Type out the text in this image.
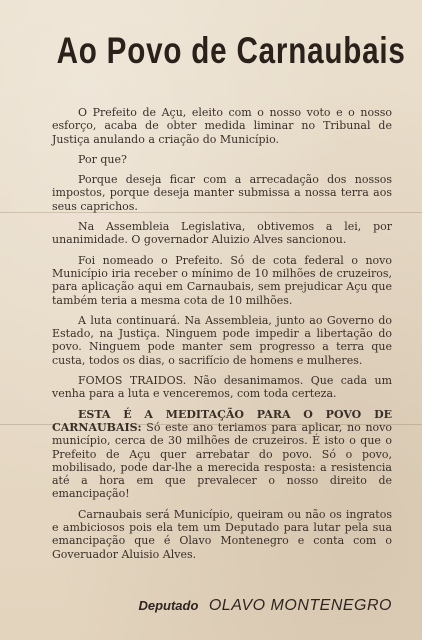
Ao Povo de Carnaubais

O Prefeito de Açu, eleito com o nosso voto e o nosso esforço, acaba de obter medida liminar no Tribunal de Justiça anulando a criação do Município.

Por que?

Porque deseja ficar com a arrecadação dos nossos impostos, porque deseja manter submissa a nossa terra aos seus caprichos.

Na Assembleia Legislativa, obtivemos a lei, por unanimidade. O governador Aluizio Alves sancionou.

Foi nomeado o Prefeito. Só de cota federal o novo Município iria receber o mínimo de 10 milhões de cruzeiros, para aplicação aqui em Carnaubais, sem prejudicar Açu que também teria a mesma cota de 10 milhões.

A luta continuará. Na Assembleia, junto ao Governo do Estado, na Justiça. Ninguem pode impedir a libertação do povo. Ninguem pode manter sem progresso a terra que custa, todos os dias, o sacrifício de homens e mulheres.

FOMOS TRAIDOS. Não desanimamos. Que cada um venha para a luta e venceremos, com toda certeza.

ESTA É A MEDITAÇÃO PARA O POVO DE CARNAUBAIS: Só este ano teriamos para aplicar, no novo município, cerca de 30 milhões de cruzeiros. É isto o que o Prefeito de Açu quer arrebatar do povo. Só o povo, mobilisado, pode dar-lhe a merecida resposta: a resistencia até a hora em que prevalecer o nosso direito de emancipação!

Carnaubais será Município, queiram ou não os ingratos e ambiciosos pois ela tem um Deputado para lutar pela sua emancipação que é Olavo Montenegro e conta com o Goveruador Aluisio Alves.

Deputado OLAVO MONTENEGRO
